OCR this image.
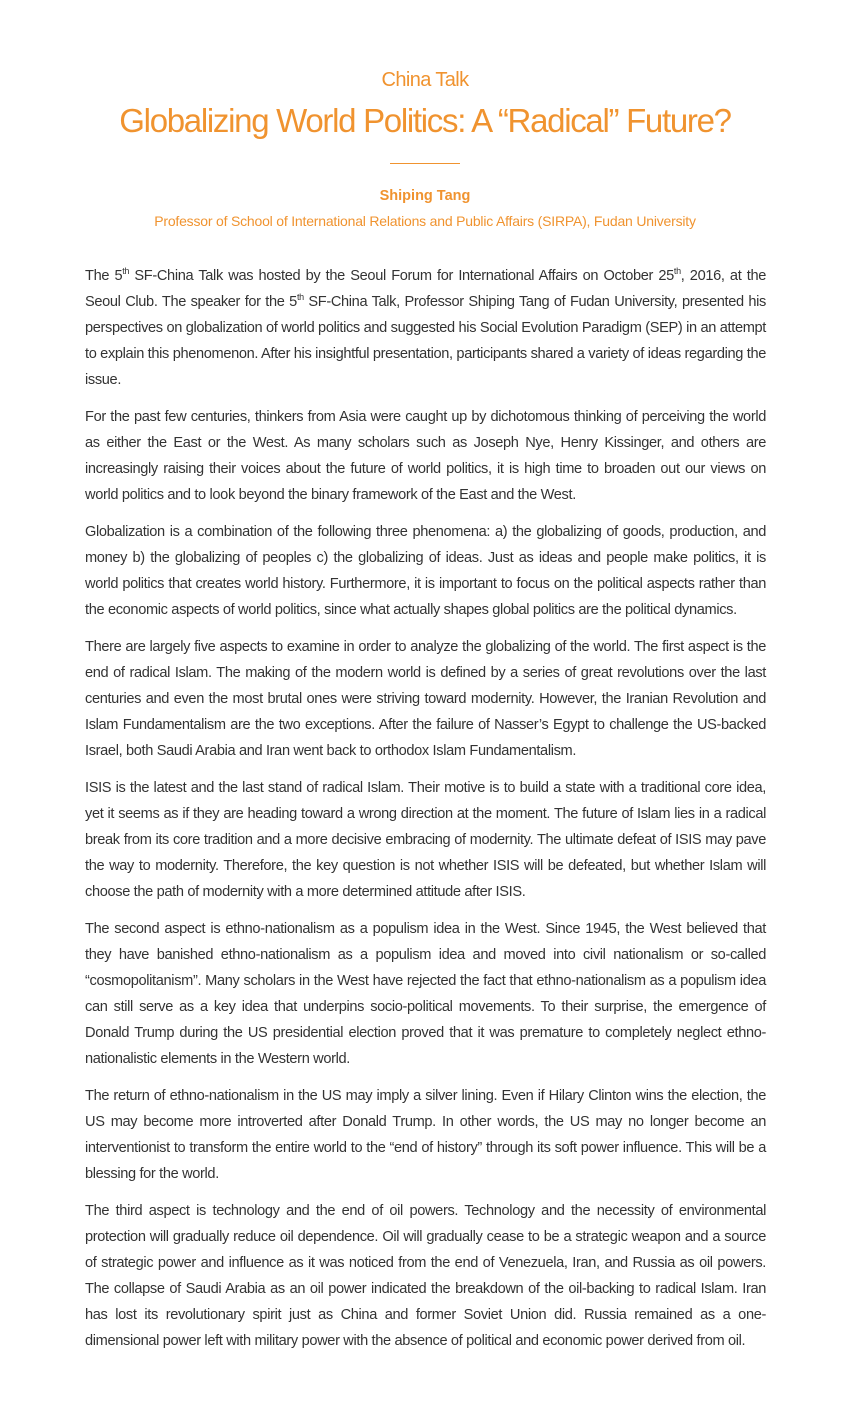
China Talk
Globalizing World Politics: A “Radical” Future?
Shiping Tang
Professor of School of International Relations and Public Affairs (SIRPA), Fudan University

The 5th SF-China Talk was hosted by the Seoul Forum for International Affairs on October 25th, 2016, at the Seoul Club. The speaker for the 5th SF-China Talk, Professor Shiping Tang of Fudan University, presented his perspectives on globalization of world politics and suggested his Social Evolution Paradigm (SEP) in an attempt to explain this phenomenon. After his insightful presentation, participants shared a variety of ideas regarding the issue.

For the past few centuries, thinkers from Asia were caught up by dichotomous thinking of perceiving the world as either the East or the West. As many scholars such as Joseph Nye, Henry Kissinger, and others are increasingly raising their voices about the future of world politics, it is high time to broaden out our views on world politics and to look beyond the binary framework of the East and the West.

Globalization is a combination of the following three phenomena: a) the globalizing of goods, production, and money b) the globalizing of peoples c) the globalizing of ideas. Just as ideas and people make politics, it is world politics that creates world history. Furthermore, it is important to focus on the political aspects rather than the economic aspects of world politics, since what actually shapes global politics are the political dynamics.

There are largely five aspects to examine in order to analyze the globalizing of the world. The first aspect is the end of radical Islam. The making of the modern world is defined by a series of great revolutions over the last centuries and even the most brutal ones were striving toward modernity. However, the Iranian Revolution and Islam Fundamentalism are the two exceptions. After the failure of Nasser’s Egypt to challenge the US-backed Israel, both Saudi Arabia and Iran went back to orthodox Islam Fundamentalism.

ISIS is the latest and the last stand of radical Islam. Their motive is to build a state with a traditional core idea, yet it seems as if they are heading toward a wrong direction at the moment. The future of Islam lies in a radical break from its core tradition and a more decisive embracing of modernity. The ultimate defeat of ISIS may pave the way to modernity. Therefore, the key question is not whether ISIS will be defeated, but whether Islam will choose the path of modernity with a more determined attitude after ISIS.

The second aspect is ethno-nationalism as a populism idea in the West. Since 1945, the West believed that they have banished ethno-nationalism as a populism idea and moved into civil nationalism or so-called “cosmopolitanism”. Many scholars in the West have rejected the fact that ethno-nationalism as a populism idea can still serve as a key idea that underpins socio-political movements. To their surprise, the emergence of Donald Trump during the US presidential election proved that it was premature to completely neglect ethno-nationalistic elements in the Western world.

The return of ethno-nationalism in the US may imply a silver lining. Even if Hilary Clinton wins the election, the US may become more introverted after Donald Trump. In other words, the US may no longer become an interventionist to transform the entire world to the “end of history” through its soft power influence. This will be a blessing for the world.

The third aspect is technology and the end of oil powers. Technology and the necessity of environmental protection will gradually reduce oil dependence. Oil will gradually cease to be a strategic weapon and a source of strategic power and influence as it was noticed from the end of Venezuela, Iran, and Russia as oil powers. The collapse of Saudi Arabia as an oil power indicated the breakdown of the oil-backing to radical Islam. Iran has lost its revolutionary spirit just as China and former Soviet Union did. Russia remained as a one-dimensional power left with military power with the absence of political and economic power derived from oil.
